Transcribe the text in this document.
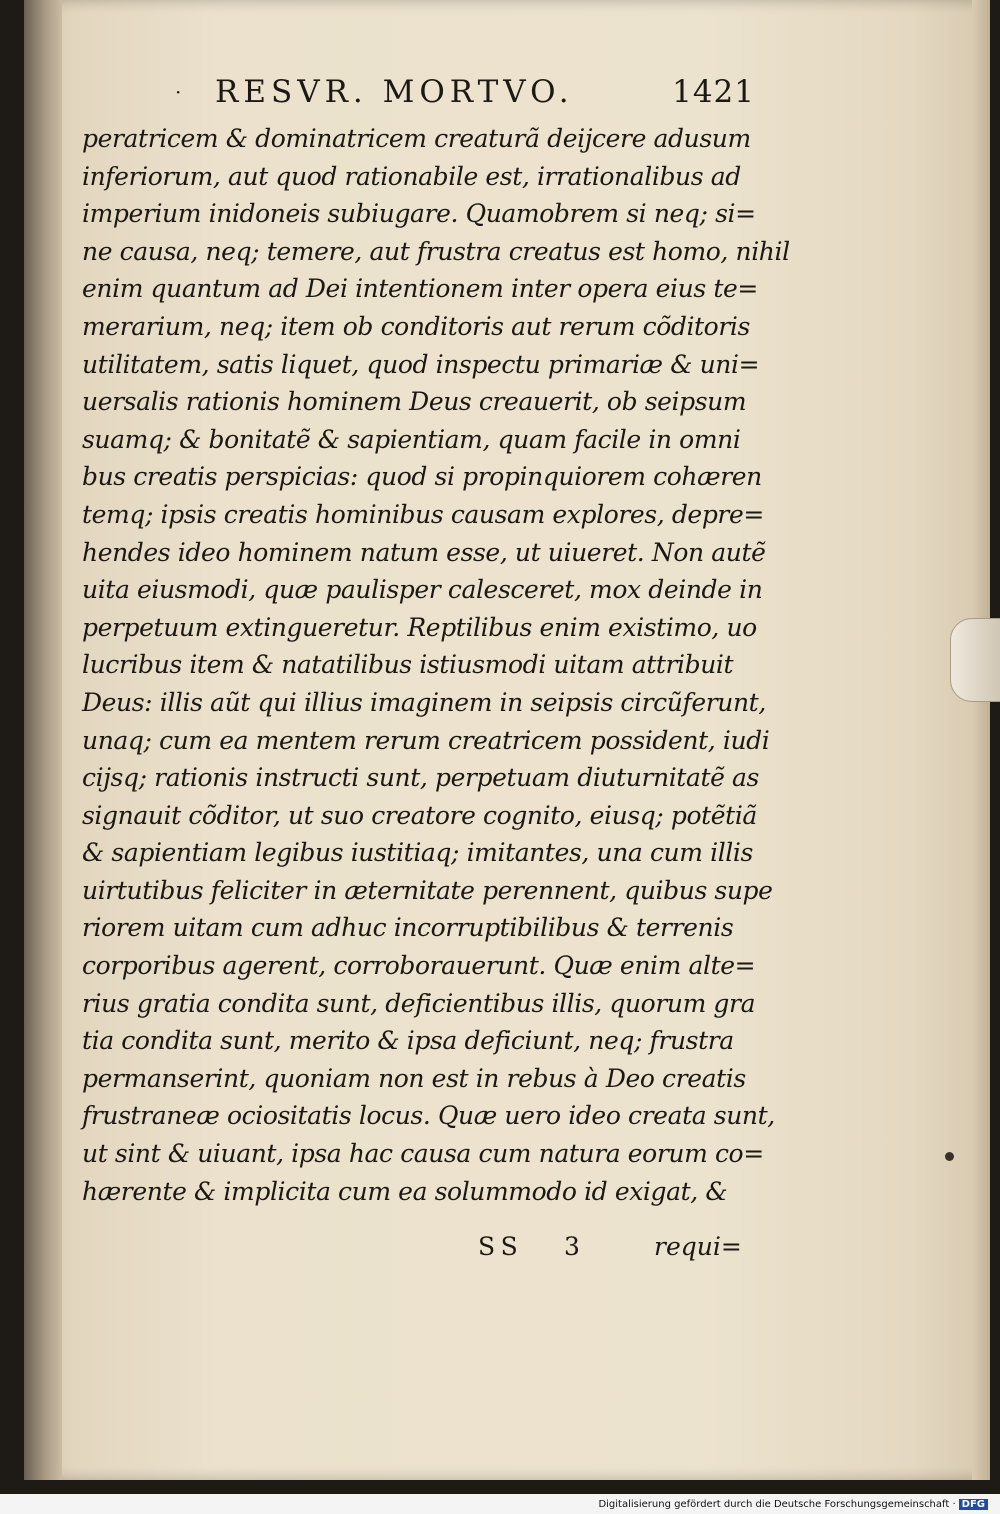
· RESVR. MORTVO.	1421
peratricem & dominatricem creaturã deijcere adusum
inferiorum, aut quod rationabile est, irrationalibus ad
imperium inidoneis subiugare. Quamobrem si neq; si=
ne causa, neq; temere, aut frustra creatus est homo, nihil
enim quantum ad Dei intentionem inter opera eius te=
merarium, neq; item ob conditoris aut rerum cõditoris
utilitatem, satis liquet, quod inspectu primariæ & uni=
uersalis rationis hominem Deus creauerit, ob seipsum
suamq; & bonitatẽ & sapientiam, quam facile in omni
bus creatis perspicias: quod si propinquiorem cohæren
temq; ipsis creatis hominibus causam explores, depre=
hendes ideo hominem natum esse, ut uiueret. Non autẽ
uita eiusmodi, quæ paulisper calesceret, mox deinde in
perpetuum extingueretur. Reptilibus enim existimo, uo
lucribus item & natatilibus istiusmodi uitam attribuit
Deus: illis aũt qui illius imaginem in seipsis circũferunt,
unaq; cum ea mentem rerum creatricem possident, iudi
cijsq; rationis instructi sunt, perpetuam diuturnitatẽ as
signauit cõditor, ut suo creatore cognito, eiusq; potẽtiã
& sapientiam legibus iustitiaq; imitantes, una cum illis
uirtutibus feliciter in æternitate perennent, quibus supe
riorem uitam cum adhuc incorruptibilibus & terrenis
corporibus agerent, corroborauerunt. Quæ enim alte=
rius gratia condita sunt, deficientibus illis, quorum gra
tia condita sunt, merito & ipsa deficiunt, neq; frustra
permanserint, quoniam non est in rebus à Deo creatis
frustraneæ ociositatis locus. Quæ uero ideo creata sunt,
ut sint & uiuant, ipsa hac causa cum natura eorum co=
hærente & implicita cum ea solummodo id exigat, &
SS 3	requi=
Digitalisierung gefördert durch die Deutsche Forschungsgemeinschaft · DFG
